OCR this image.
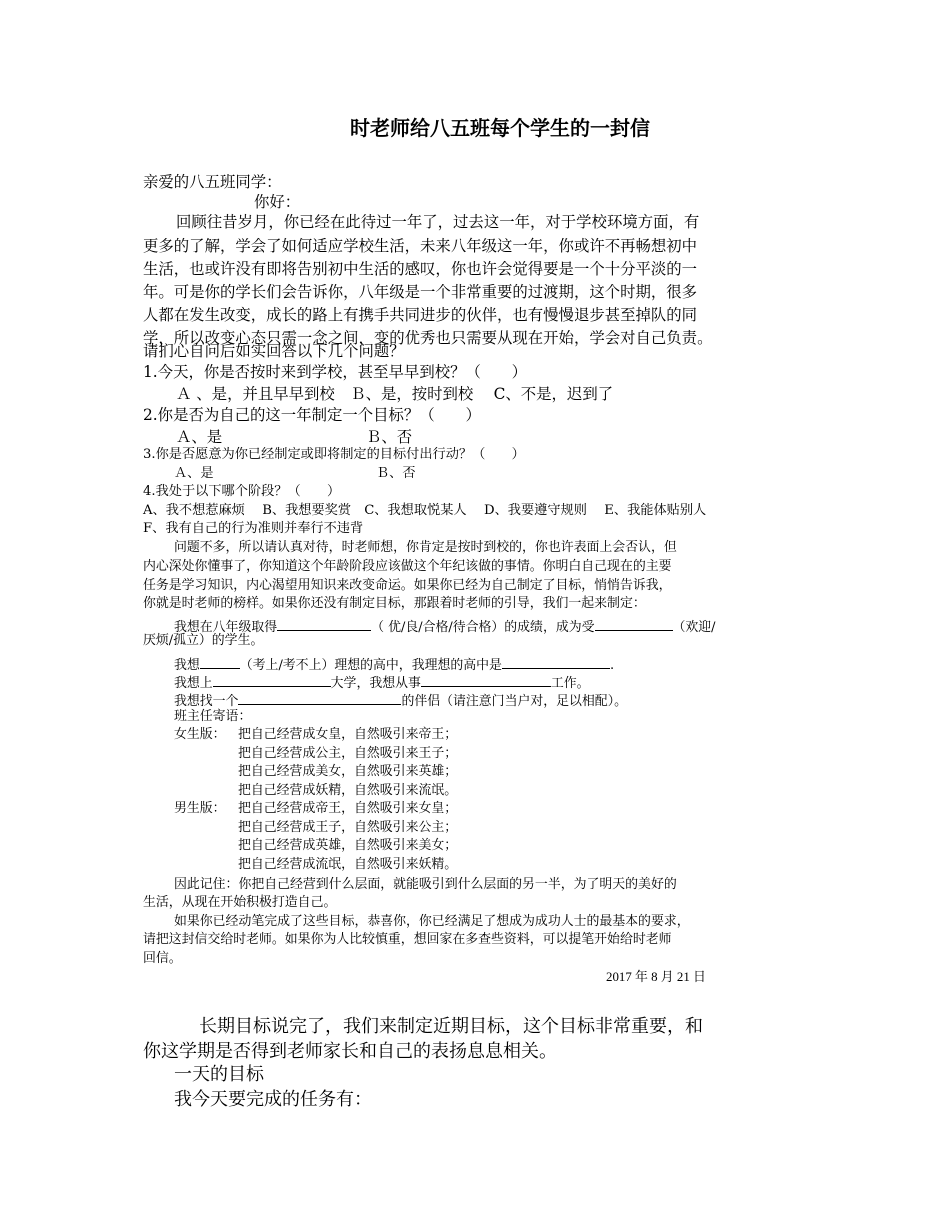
时老师给八五班每个学生的一封信
亲爱的八五班同学：
你好：
回顾往昔岁月，你已经在此待过一年了，过去这一年，对于学校环境方面，有
更多的了解，学会了如何适应学校生活，未来八年级这一年，你或许不再畅想初中
生活，也或许没有即将告别初中生活的感叹，你也许会觉得要是一个十分平淡的一
年。可是你的学长们会告诉你，八年级是一个非常重要的过渡期，这个时期，很多
人都在发生改变，成长的路上有携手共同进步的伙伴，也有慢慢退步甚至掉队的同
学，所以改变心态只需一念之间，变的优秀也只需要从现在开始，学会对自己负责。
请扪心自问后如实回答以下几个问题？
1.今天，你是否按时来到学校，甚至早早到校？（　　）
Ａ 、是，并且早早到校　Ｂ、是，按时到校　 C、不是，迟到了
2.你是否为自己的这一年制定一个目标？（　　）
Ａ、是	Ｂ、否
3.你是否愿意为你已经制定或即将制定的目标付出行动？（　　）
Ａ、是	Ｂ、否
4.我处于以下哪个阶段？（　　）
A、我不想惹麻烦　 B、我想要奖赏　C、我想取悦某人　 D、我要遵守规则　 E、我能体贴别人
F、我有自己的行为准则并奉行不违背
问题不多，所以请认真对待，时老师想，你肯定是按时到校的，你也许表面上会否认，但
内心深处你懂事了，你知道这个年龄阶段应该做这个年纪该做的事情。你明白自己现在的主要
任务是学习知识，内心渴望用知识来改变命运。如果你已经为自己制定了目标，悄悄告诉我，
你就是时老师的榜样。如果你还没有制定目标，那跟着时老师的引导，我们一起来制定：
我想在八年级取得	（ 优/良/合格/待合格）的成绩，成为受	（欢迎/
厌烦/孤立）的学生。
我想	（考上/考不上）理想的高中，我理想的高中是	.
我想上	大学，我想从事	工作。
我想找一个	的伴侣（请注意门当户对，足以相配）。
班主任寄语：
女生版： 把自己经营成女皇，自然吸引来帝王；
把自己经营成公主，自然吸引来王子；
把自己经营成美女，自然吸引来英雄；
把自己经营成妖精，自然吸引来流氓。
男生版： 把自己经营成帝王，自然吸引来女皇；
把自己经营成王子，自然吸引来公主；
把自己经营成英雄，自然吸引来美女；
把自己经营成流氓，自然吸引来妖精。
因此记住：你把自己经营到什么层面，就能吸引到什么层面的另一半，为了明天的美好的
生活，从现在开始积极打造自己。
如果你已经动笔完成了这些目标，恭喜你，你已经满足了想成为成功人士的最基本的要求，
请把这封信交给时老师。如果你为人比较慎重，想回家在多查些资料，可以提笔开始给时老师
回信。
2017 年 8 月 21 日
长期目标说完了，我们来制定近期目标，这个目标非常重要，和
你这学期是否得到老师家长和自己的表扬息息相关。
一天的目标
我今天要完成的任务有：
